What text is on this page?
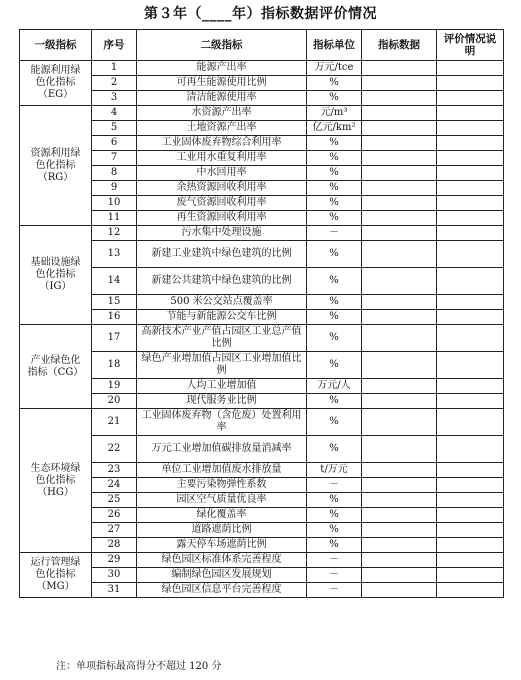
第３年（____年）指标数据评价情况
一级指标	序号	二级指标	指标单位	指标数据	评价情况说明
能源利用绿色化指标（EG）	1	能源产出率	万元/tce		
	2	可再生能源使用比例	%		
	3	清洁能源使用率	%		
资源利用绿色化指标（RG）	4	水资源产出率	元/m³		
	5	土地资源产出率	亿元/km²		
	6	工业固体废弃物综合利用率	%		
	7	工业用水重复利用率	%		
	8	中水回用率	%		
	9	余热资源回收利用率	%		
	10	废气资源回收利用率	%		
	11	再生资源回收利用率	%		
基础设施绿色化指标（IG）	12	污水集中处理设施	－		
	13	新建工业建筑中绿色建筑的比例	%		
	14	新建公共建筑中绿色建筑的比例	%		
	15	500 米公交站点覆盖率	%		
	16	节能与新能源公交车比例	%		
产业绿色化指标（CG）	17	高新技术产业产值占园区工业总产值比例	%		
	18	绿色产业增加值占园区工业增加值比例	%		
	19	人均工业增加值	万元/人		
	20	现代服务业比例	%		
生态环境绿色化指标（HG）	21	工业固体废弃物（含危废）处置利用率	%		
	22	万元工业增加值碳排放量消减率	%		
	23	单位工业增加值废水排放量	t/万元		
	24	主要污染物弹性系数	－		
	25	园区空气质量优良率	%		
	26	绿化覆盖率	%		
	27	道路遮荫比例	%		
	28	露天停车场遮荫比例	%		
运行管理绿色化指标（MG）	29	绿色园区标准体系完善程度	－		
	30	编制绿色园区发展规划	－		
	31	绿色园区信息平台完善程度	－		
注：单项指标最高得分不超过 120 分
